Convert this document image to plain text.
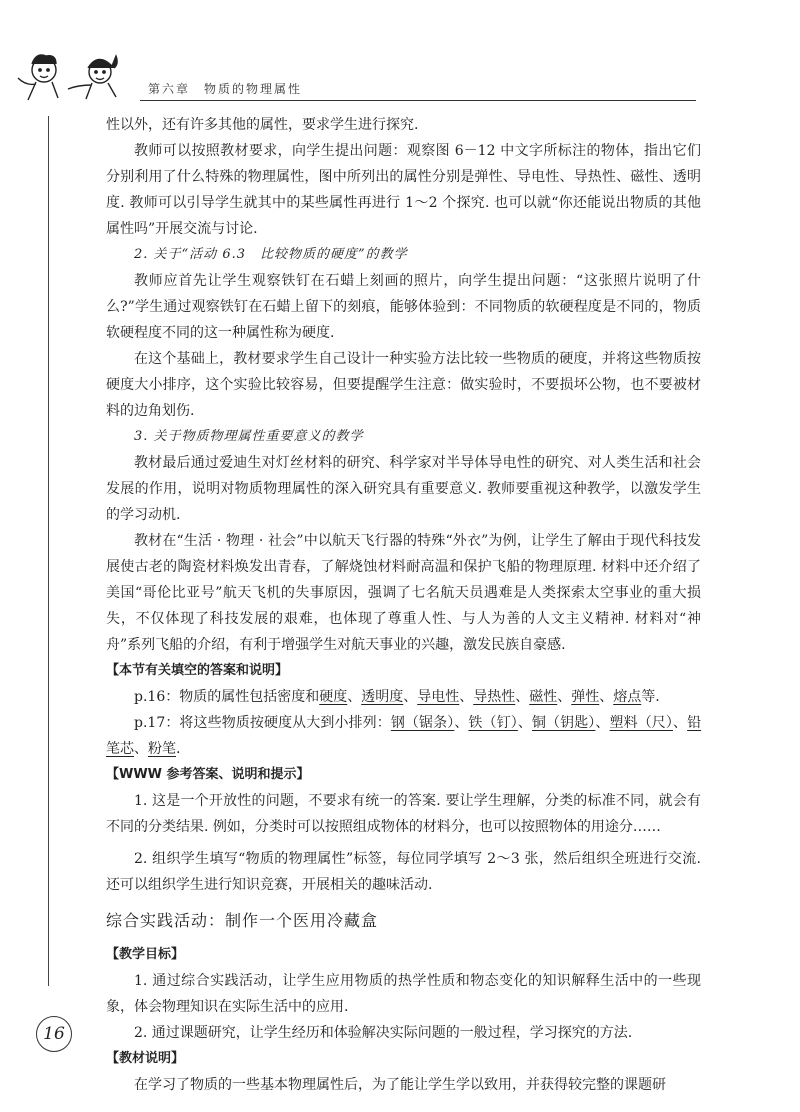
第六章　物质的物理属性

性以外，还有许多其他的属性，要求学生进行探究.

教师可以按照教材要求，向学生提出问题：观察图 6－12 中文字所标注的物体，指出它们分别利用了什么特殊的物理属性，图中所列出的属性分别是弹性、导电性、导热性、磁性、透明度. 教师可以引导学生就其中的某些属性再进行 1～2 个探究. 也可以就“你还能说出物质的其他属性吗”开展交流与讨论.

2. 关于“活动 6.3　比较物质的硬度”的教学

教师应首先让学生观察铁钉在石蜡上刻画的照片，向学生提出问题：“这张照片说明了什么?”学生通过观察铁钉在石蜡上留下的刻痕，能够体验到：不同物质的软硬程度是不同的，物质软硬程度不同的这一种属性称为硬度.

在这个基础上，教材要求学生自己设计一种实验方法比较一些物质的硬度，并将这些物质按硬度大小排序，这个实验比较容易，但要提醒学生注意：做实验时，不要损坏公物，也不要被材料的边角划伤.

3. 关于物质物理属性重要意义的教学

教材最后通过爱迪生对灯丝材料的研究、科学家对半导体导电性的研究、对人类生活和社会发展的作用，说明对物质物理属性的深入研究具有重要意义. 教师要重视这种教学，以激发学生的学习动机.

教材在“生活 · 物理 · 社会”中以航天飞行器的特殊“外衣”为例，让学生了解由于现代科技发展使古老的陶瓷材料焕发出青春，了解烧蚀材料耐高温和保护飞船的物理原理. 材料中还介绍了美国“哥伦比亚号”航天飞机的失事原因，强调了七名航天员遇难是人类探索太空事业的重大损失，不仅体现了科技发展的艰难，也体现了尊重人性、与人为善的人文主义精神. 材料对“神舟”系列飞船的介绍，有利于增强学生对航天事业的兴趣，激发民族自豪感.

【本节有关填空的答案和说明】

p.16：物质的属性包括密度和硬度、透明度、导电性、导热性、磁性、弹性、熔点等.

p.17：将这些物质按硬度从大到小排列：钢（锯条）、铁（钉）、铜（钥匙）、塑料（尺）、铅笔芯、粉笔.

【WWW 参考答案、说明和提示】

1. 这是一个开放性的问题，不要求有统一的答案. 要让学生理解，分类的标准不同，就会有不同的分类结果. 例如，分类时可以按照组成物体的材料分，也可以按照物体的用途分……

2. 组织学生填写“物质的物理属性”标签，每位同学填写 2～3 张，然后组织全班进行交流. 还可以组织学生进行知识竞赛，开展相关的趣味活动.

综合实践活动：制作一个医用冷藏盒

【教学目标】

1. 通过综合实践活动，让学生应用物质的热学性质和物态变化的知识解释生活中的一些现象，体会物理知识在实际生活中的应用.

2. 通过课题研究，让学生经历和体验解决实际问题的一般过程，学习探究的方法.

【教材说明】

在学习了物质的一些基本物理属性后，为了能让学生学以致用，并获得较完整的课题研

16
